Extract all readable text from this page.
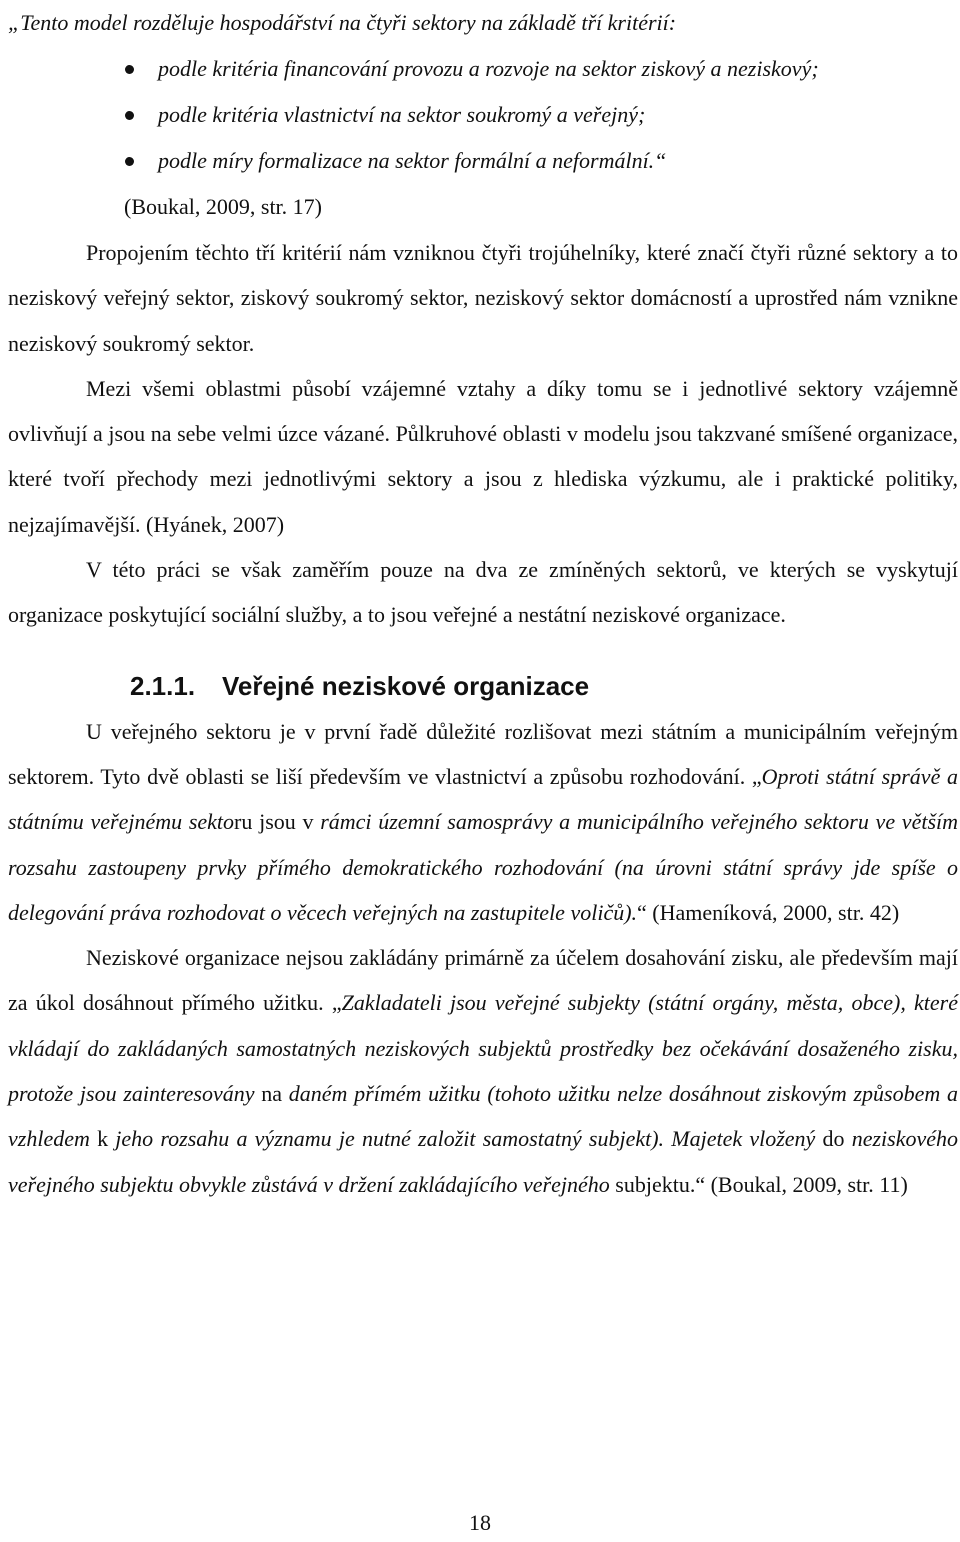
„Tento model rozděluje hospodářství na čtyři sektory na základě tří kritérií:

podle kritéria financování provozu a rozvoje na sektor ziskový a neziskový;
podle kritéria vlastnictví na sektor soukromý a veřejný;
podle míry formalizace na sektor formální a neformální.“

(Boukal, 2009, str. 17)

Propojením těchto tří kritérií nám vzniknou čtyři trojúhelníky, které značí čtyři různé sektory a to neziskový veřejný sektor, ziskový soukromý sektor, neziskový sektor domácností a uprostřed nám vznikne neziskový soukromý sektor.

Mezi všemi oblastmi působí vzájemné vztahy a díky tomu se i jednotlivé sektory vzájemně ovlivňují a jsou na sebe velmi úzce vázané. Půlkruhové oblasti v modelu jsou takzvané smíšené organizace, které tvoří přechody mezi jednotlivými sektory a jsou z hlediska výzkumu, ale i praktické politiky, nejzajímavější. (Hyánek, 2007)

V této práci se však zaměřím pouze na dva ze zmíněných sektorů, ve kterých se vyskytují organizace poskytující sociální služby, a to jsou veřejné a nestátní neziskové organizace.

2.1.1. Veřejné neziskové organizace

U veřejného sektoru je v první řadě důležité rozlišovat mezi státním a municipálním veřejným sektorem. Tyto dvě oblasti se liší především ve vlastnictví a způsobu rozhodování. „Oproti státní správě a státnímu veřejnému sektoru jsou v rámci územní samosprávy a municipálního veřejného sektoru ve větším rozsahu zastoupeny prvky přímého demokratického rozhodování (na úrovni státní správy jde spíše o delegování práva rozhodovat o věcech veřejných na zastupitele voličů).“ (Hameníková, 2000, str. 42)

Neziskové organizace nejsou zakládány primárně za účelem dosahování zisku, ale především mají za úkol dosáhnout přímého užitku. „Zakladateli jsou veřejné subjekty (státní orgány, města, obce), které vkládají do zakládaných samostatných neziskových subjektů prostředky bez očekávání dosaženého zisku, protože jsou zainteresovány na daném přímém užitku (tohoto užitku nelze dosáhnout ziskovým způsobem a vzhledem k jeho rozsahu a významu je nutné založit samostatný subjekt). Majetek vložený do neziskového veřejného subjektu obvykle zůstává v držení zakládajícího veřejného subjektu.“ (Boukal, 2009, str. 11)

18
